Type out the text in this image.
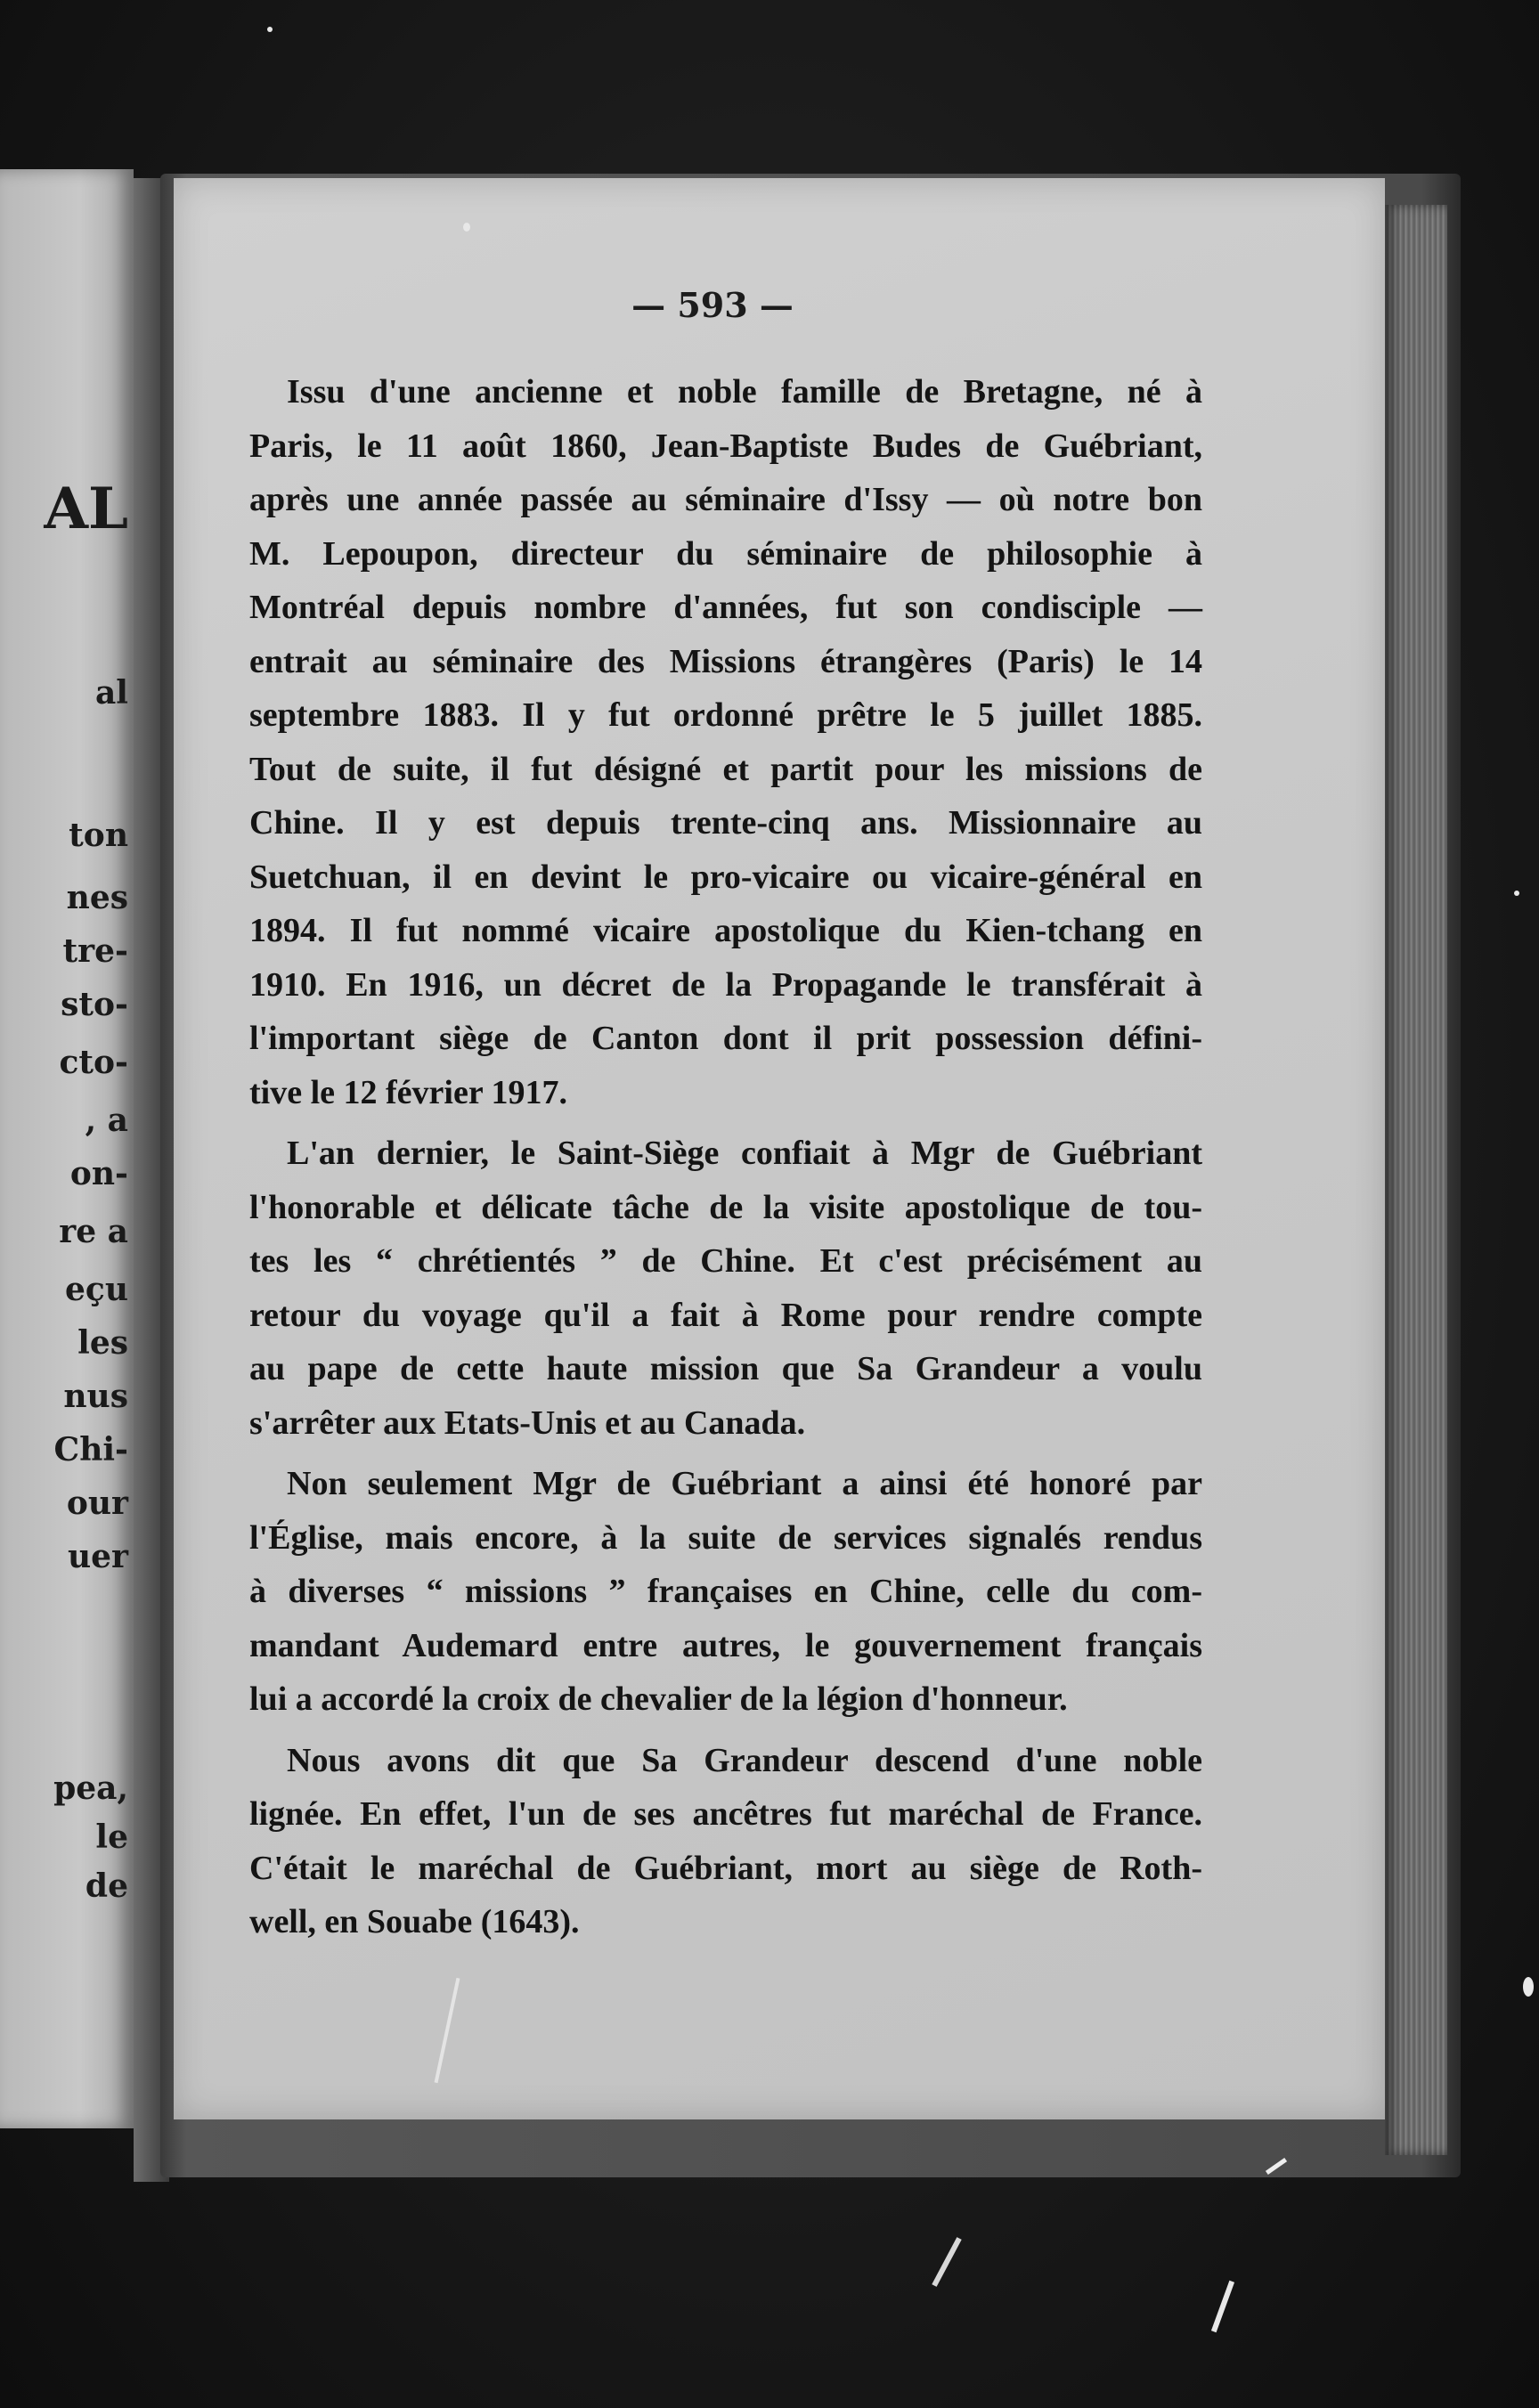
AL
al
ton
nes
tre-
sto-
cto-
, a
on-
re a
eçu
les
nus
Chi-
our
uer
pea,
le
de
— 593 —
Issu d'une ancienne et noble famille de Bretagne, né à
Paris, le 11 août 1860, Jean-Baptiste Budes de Guébriant,
après une année passée au séminaire d'Issy — où notre bon
M. Lepoupon, directeur du séminaire de philosophie à
Montréal depuis nombre d'années, fut son condisciple —
entrait au séminaire des Missions étrangères (Paris) le 14
septembre 1883. Il y fut ordonné prêtre le 5 juillet 1885.
Tout de suite, il fut désigné et partit pour les missions de
Chine. Il y est depuis trente-cinq ans. Missionnaire au
Suetchuan, il en devint le pro-vicaire ou vicaire-général en
1894. Il fut nommé vicaire apostolique du Kien-tchang en
1910. En 1916, un décret de la Propagande le transférait à
l'important siège de Canton dont il prit possession défini-
tive le 12 février 1917.
L'an dernier, le Saint-Siège confiait à Mgr de Guébriant
l'honorable et délicate tâche de la visite apostolique de tou-
tes les “ chrétientés ” de Chine. Et c'est précisément au
retour du voyage qu'il a fait à Rome pour rendre compte
au pape de cette haute mission que Sa Grandeur a voulu
s'arrêter aux Etats-Unis et au Canada.
Non seulement Mgr de Guébriant a ainsi été honoré par
l'Église, mais encore, à la suite de services signalés rendus
à diverses “ missions ” françaises en Chine, celle du com-
mandant Audemard entre autres, le gouvernement français
lui a accordé la croix de chevalier de la légion d'honneur.
Nous avons dit que Sa Grandeur descend d'une noble
lignée. En effet, l'un de ses ancêtres fut maréchal de France.
C'était le maréchal de Guébriant, mort au siège de Roth-
well, en Souabe (1643).
